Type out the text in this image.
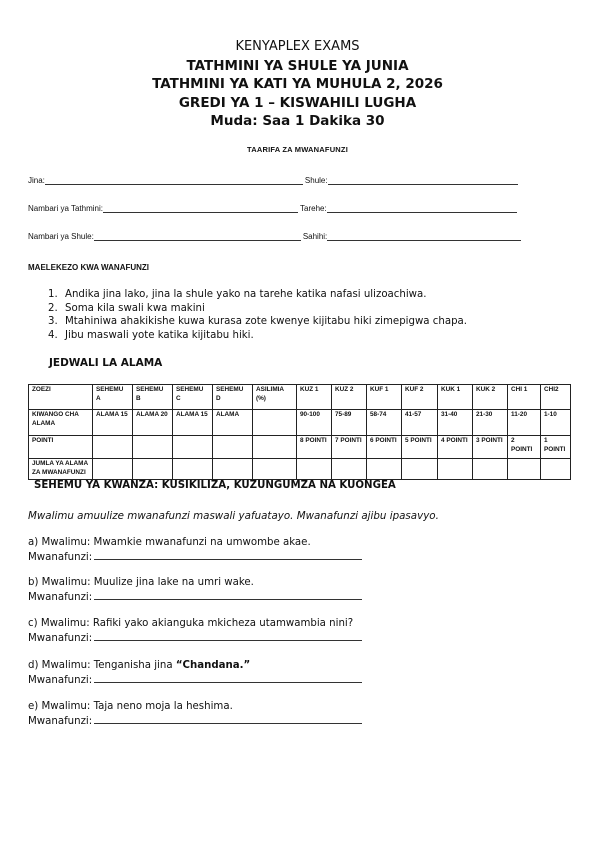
KENYAPLEX EXAMS
TATHMINI YA SHULE YA JUNIA
TATHMINI YA KATI YA MUHULA 2, 2026
GREDI YA 1 – KISWAHILI LUGHA
Muda: Saa 1 Dakika 30
TAARIFA ZA MWANAFUNZI
Jina:	Shule:
Nambari ya Tathmini:	Tarehe:
Nambari ya Shule:	Sahihi:
MAELEKEZO KWA WANAFUNZI
1. Andika jina lako, jina la shule yako na tarehe katika nafasi ulizoachiwa.
2. Soma kila swali kwa makini
3. Mtahiniwa ahakikishe kuwa kurasa zote kwenye kijitabu hiki zimepigwa chapa.
4. Jibu maswali yote katika kijitabu hiki.
JEDWALI LA ALAMA
ZOEZI	SEHEMU A	SEHEMU B	SEHEMU C	SEHEMU D	ASILIMIA (%)	KUZ 1	KUZ 2	KUF 1	KUF 2	KUK 1	KUK 2	CHI 1	CHI2
KIWANGO CHA ALAMA	ALAMA 15	ALAMA 20	ALAMA 15	ALAMA		90-100	75-89	58-74	41-57	31-40	21-30	11-20	1-10
POINTI						8 POINTI	7 POINTI	6 POINTI	5 POINTI	4 POINTI	3 POINTI	2 POINTI	1 POINTI
JUMLA YA ALAMA ZA MWANAFUNZI													
SEHEMU YA KWANZA: KUSIKILIZA, KUZUNGUMZA NA KUONGEA
Mwalimu amuulize mwanafunzi maswali yafuatayo. Mwanafunzi ajibu ipasavyo.
a) Mwalimu: Mwamkie mwanafunzi na umwombe akae.
Mwanafunzi:
b) Mwalimu: Muulize jina lake na umri wake.
Mwanafunzi:
c) Mwalimu: Rafiki yako akianguka mkicheza utamwambia nini?
Mwanafunzi:
d) Mwalimu: Tenganisha jina “Chandana.”
Mwanafunzi:
e) Mwalimu: Taja neno moja la heshima.
Mwanafunzi:
